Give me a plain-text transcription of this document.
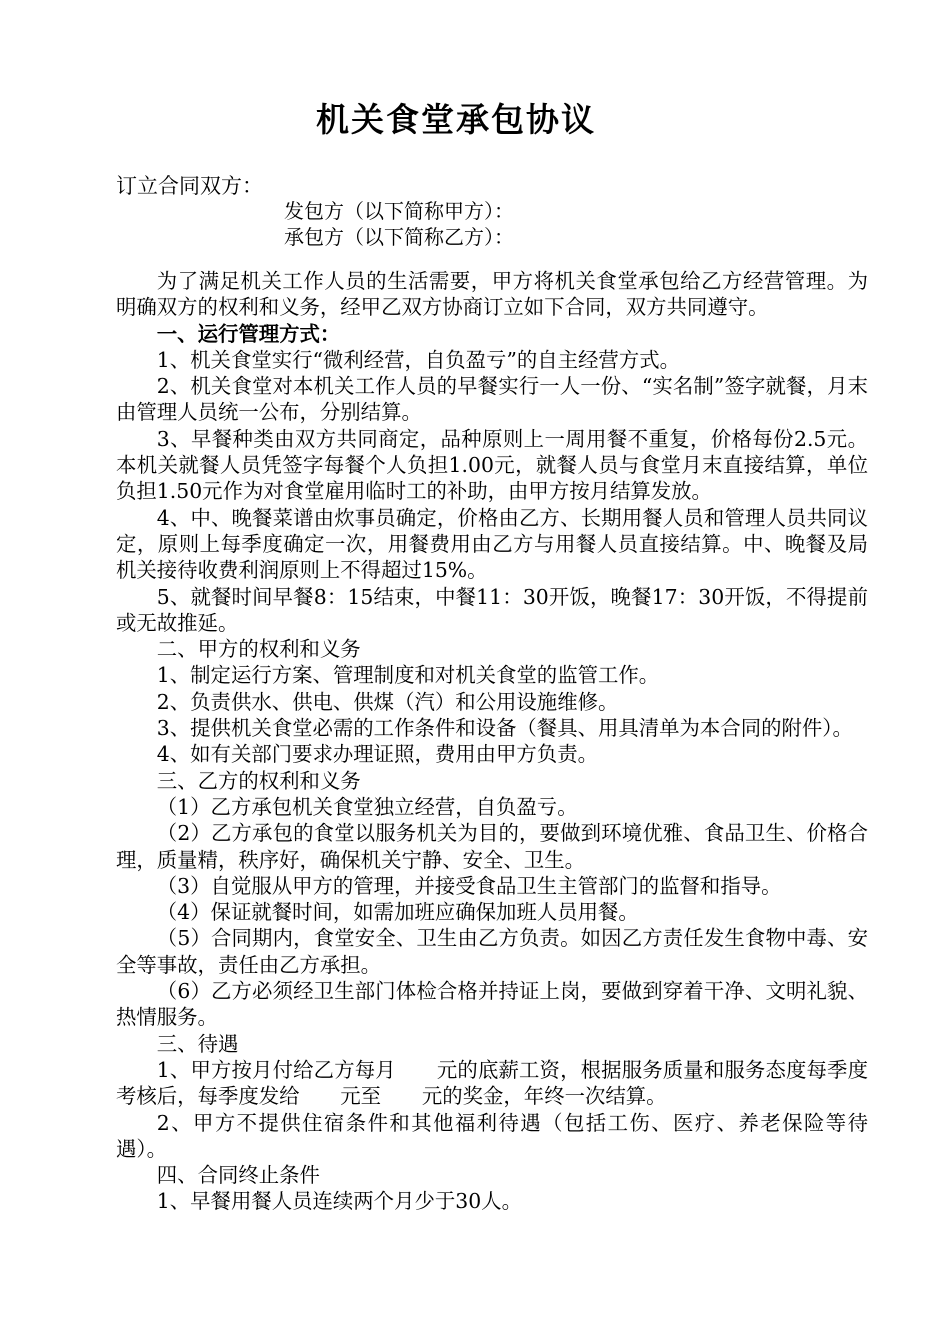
机关食堂承包协议
订立合同双方：
发包方（以下简称甲方）：
承包方（以下简称乙方）：

为了满足机关工作人员的生活需要，甲方将机关食堂承包给乙方经营管理。为明确双方的权利和义务，经甲乙双方协商订立如下合同，双方共同遵守。

一、运行管理方式：

1、机关食堂实行“微利经营，自负盈亏”的自主经营方式。

2、机关食堂对本机关工作人员的早餐实行一人一份、“实名制”签字就餐，月末由管理人员统一公布，分别结算。

3、早餐种类由双方共同商定，品种原则上一周用餐不重复，价格每份2.5元。本机关就餐人员凭签字每餐个人负担1.00元，就餐人员与食堂月末直接结算，单位负担1.50元作为对食堂雇用临时工的补助，由甲方按月结算发放。

4、中、晚餐菜谱由炊事员确定，价格由乙方、长期用餐人员和管理人员共同议定，原则上每季度确定一次，用餐费用由乙方与用餐人员直接结算。中、晚餐及局机关接待收费利润原则上不得超过15%。

5、就餐时间早餐8：15结束，中餐11：30开饭，晚餐17：30开饭，不得提前或无故推延。

二、甲方的权利和义务

1、制定运行方案、管理制度和对机关食堂的监管工作。

2、负责供水、供电、供煤（汽）和公用设施维修。

3、提供机关食堂必需的工作条件和设备（餐具、用具清单为本合同的附件）。

4、如有关部门要求办理证照，费用由甲方负责。

三、乙方的权利和义务

（1）乙方承包机关食堂独立经营，自负盈亏。

（2）乙方承包的食堂以服务机关为目的，要做到环境优雅、食品卫生、价格合理，质量精，秩序好，确保机关宁静、安全、卫生。

（3）自觉服从甲方的管理，并接受食品卫生主管部门的监督和指导。

（4）保证就餐时间，如需加班应确保加班人员用餐。

（5）合同期内，食堂安全、卫生由乙方负责。如因乙方责任发生食物中毒、安全等事故，责任由乙方承担。

（6）乙方必须经卫生部门体检合格并持证上岗，要做到穿着干净、文明礼貌、热情服务。

三、待遇

1、甲方按月付给乙方每月　　元的底薪工资，根据服务质量和服务态度每季度考核后，每季度发给　　元至　　元的奖金，年终一次结算。

2、甲方不提供住宿条件和其他福利待遇（包括工伤、医疗、养老保险等待遇）。

四、合同终止条件

1、早餐用餐人员连续两个月少于30人。
